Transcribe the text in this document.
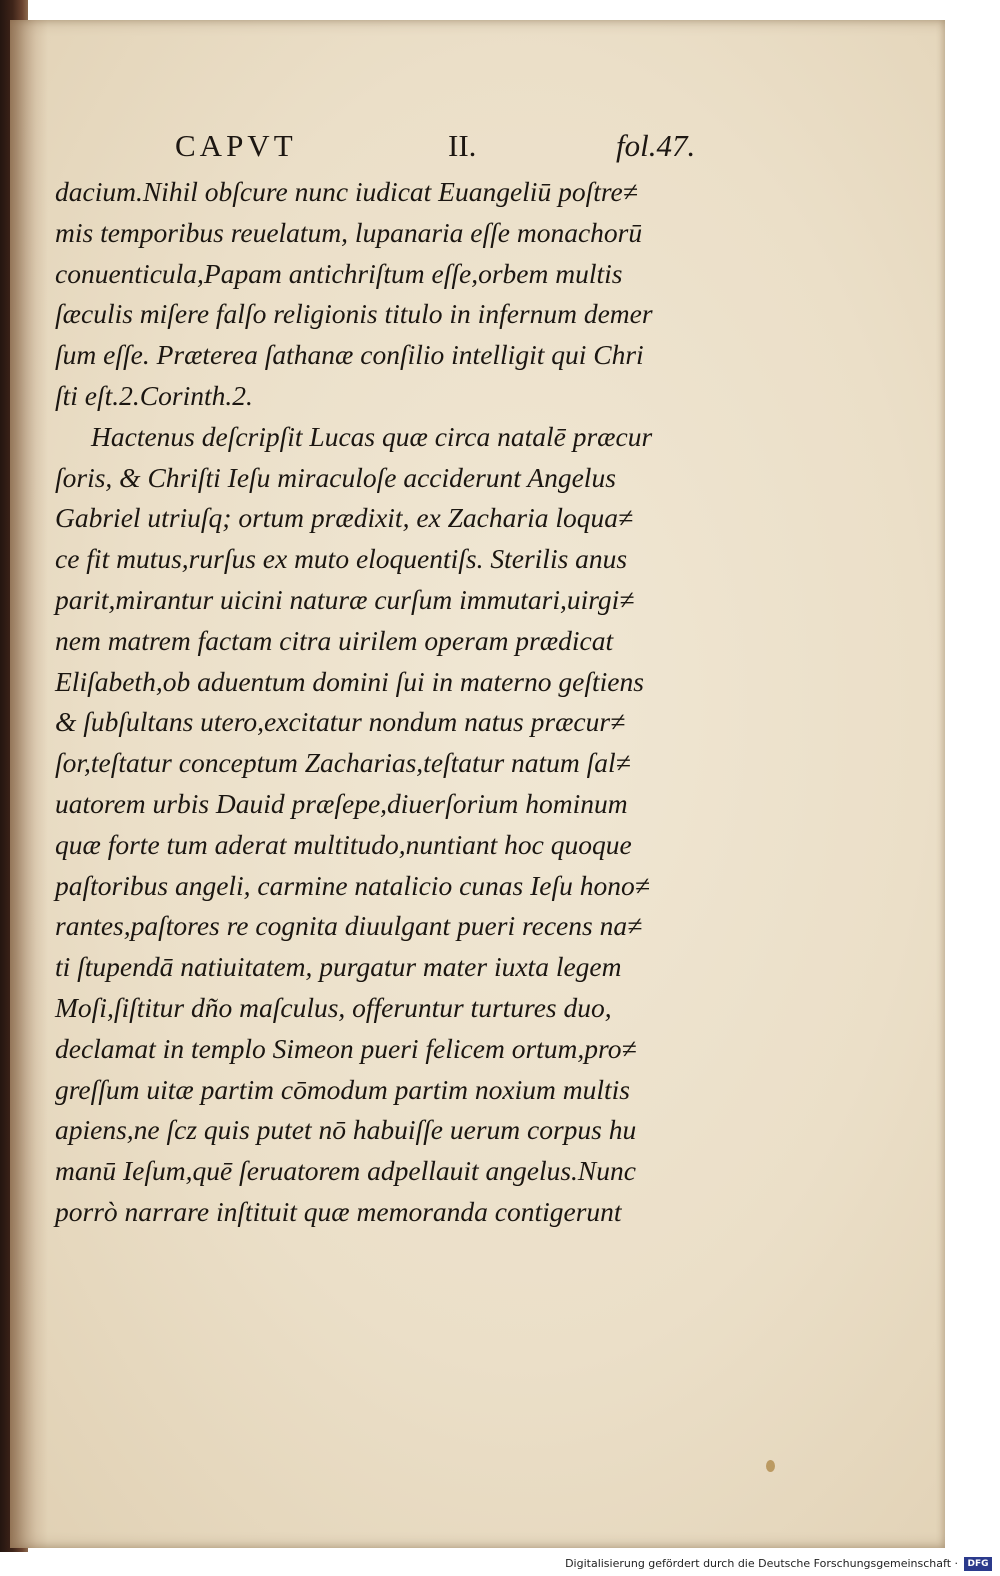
CAPVT	II.	fol.47.
dacium.Nihil obſcure nunc iudicat Euangeliū poſtre≠
mis temporibus reuelatum, lupanaria eſſe monachorū
conuenticula,Papam antichriſtum eſſe,orbem multis
ſæculis miſere falſo religionis titulo in infernum demer
ſum eſſe. Præterea ſathanæ conſilio intelligit qui Chri
ſti eſt.2.Corinth.2.
Hactenus deſcripſit Lucas quæ circa natalē præcur
ſoris, & Chriſti Ieſu miraculoſe acciderunt Angelus
Gabriel utriuſq; ortum prædixit, ex Zacharia loqua≠
ce fit mutus,rurſus ex muto eloquentiſs. Sterilis anus
parit,mirantur uicini naturæ curſum immutari,uirgi≠
nem matrem factam citra uirilem operam prædicat
Eliſabeth,ob aduentum domini ſui in materno geſtiens
& ſubſultans utero,excitatur nondum natus præcur≠
ſor,teſtatur conceptum Zacharias,teſtatur natum ſal≠
uatorem urbis Dauid præſepe,diuerſorium hominum
quæ forte tum aderat multitudo,nuntiant hoc quoque
paſtoribus angeli, carmine natalicio cunas Ieſu hono≠
rantes,paſtores re cognita diuulgant pueri recens na≠
ti ſtupendā natiuitatem, purgatur mater iuxta legem
Moſi,ſiſtitur dño maſculus, offeruntur turtures duo,
declamat in templo Simeon pueri felicem ortum,pro≠
greſſum uitæ partim cōmodum partim noxium multis
apiens,ne ſcz quis putet nō habuiſſe uerum corpus hu
manū Ieſum,quē ſeruatorem adpellauit angelus.Nunc
porrò narrare inſtituit quæ memoranda contigerunt
Digitalisierung gefördert durch die Deutsche Forschungsgemeinschaft ·	DFG
